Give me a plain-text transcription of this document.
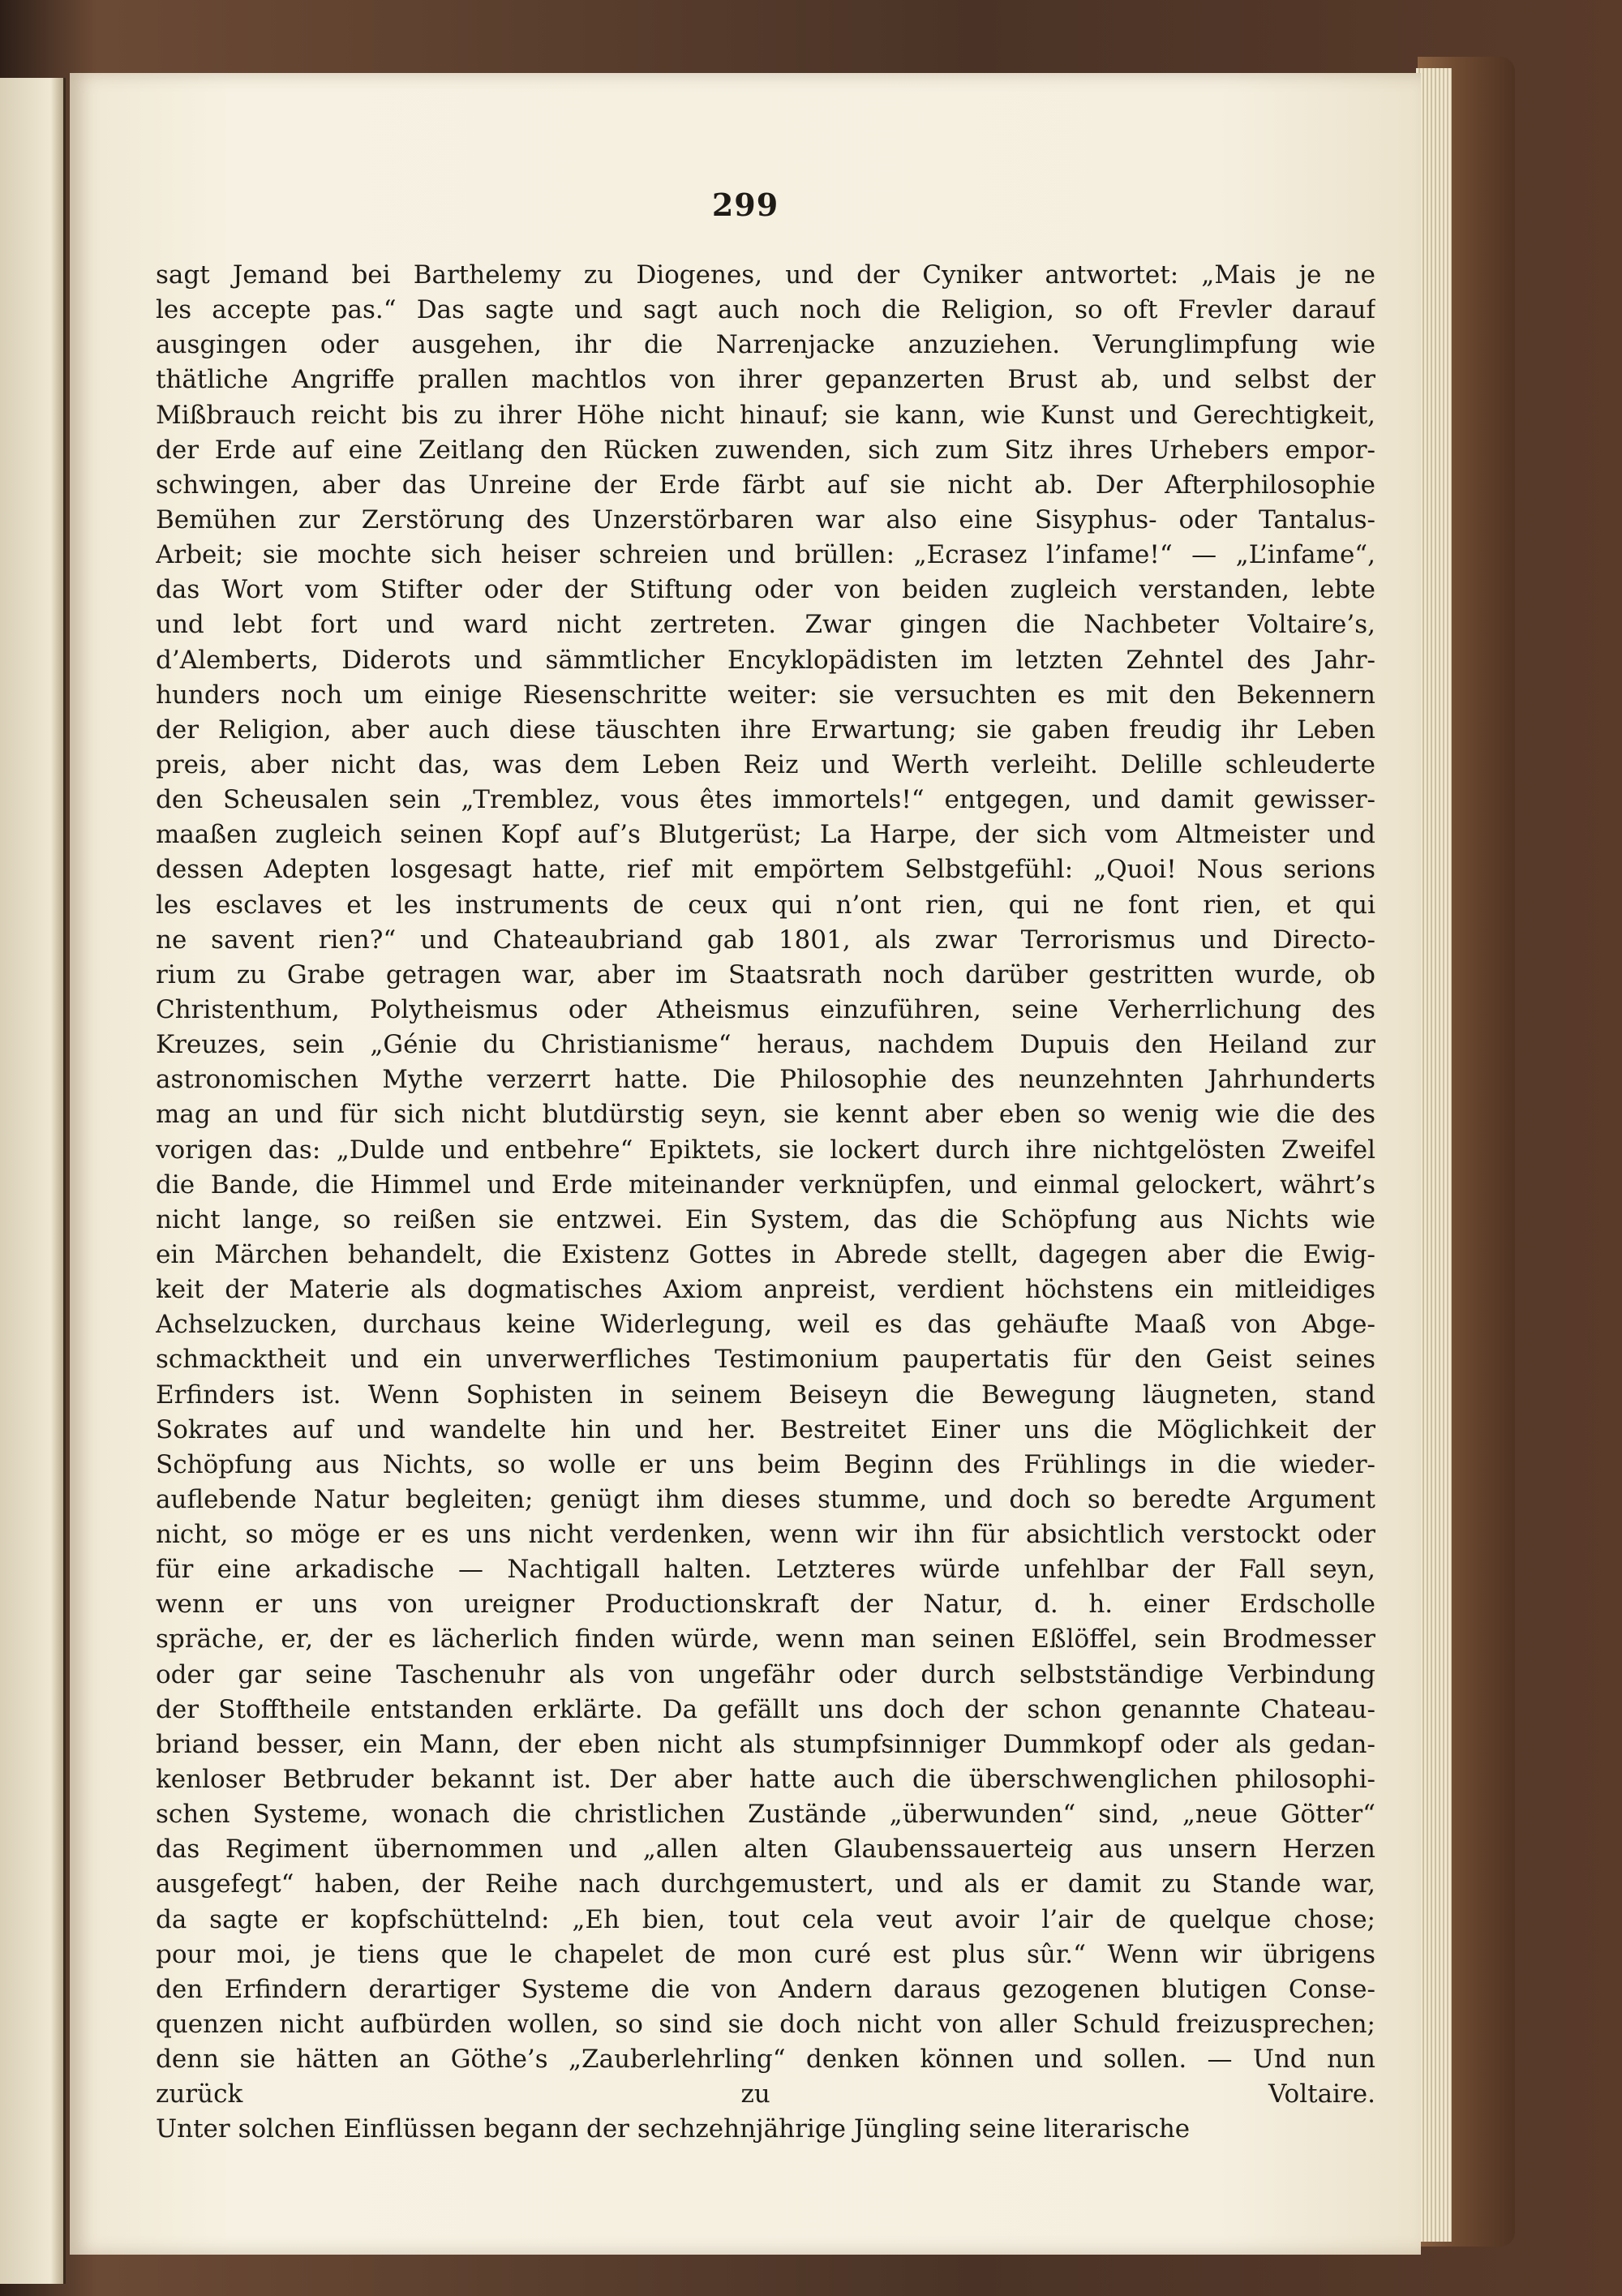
299
sagt Jemand bei Barthelemy zu Diogenes, und der Cyniker antwortet: „Mais je ne
les accepte pas.“ Das sagte und sagt auch noch die Religion, so oft Frevler darauf
ausgingen oder ausgehen, ihr die Narrenjacke anzuziehen. Verunglimpfung wie
thätliche Angriffe prallen machtlos von ihrer gepanzerten Brust ab, und selbst der
Mißbrauch reicht bis zu ihrer Höhe nicht hinauf; sie kann, wie Kunst und Gerechtigkeit,
der Erde auf eine Zeitlang den Rücken zuwenden, sich zum Sitz ihres Urhebers empor-
schwingen, aber das Unreine der Erde färbt auf sie nicht ab. Der Afterphilosophie
Bemühen zur Zerstörung des Unzerstörbaren war also eine Sisyphus- oder Tantalus-
Arbeit; sie mochte sich heiser schreien und brüllen: „Ecrasez l’infame!“ — „L’infame“,
das Wort vom Stifter oder der Stiftung oder von beiden zugleich verstanden, lebte
und lebt fort und ward nicht zertreten. Zwar gingen die Nachbeter Voltaire’s,
d’Alemberts, Diderots und sämmtlicher Encyklopädisten im letzten Zehntel des Jahr-
hunders noch um einige Riesenschritte weiter: sie versuchten es mit den Bekennern
der Religion, aber auch diese täuschten ihre Erwartung; sie gaben freudig ihr Leben
preis, aber nicht das, was dem Leben Reiz und Werth verleiht. Delille schleuderte
den Scheusalen sein „Tremblez, vous êtes immortels!“ entgegen, und damit gewisser-
maaßen zugleich seinen Kopf auf’s Blutgerüst; La Harpe, der sich vom Altmeister und
dessen Adepten losgesagt hatte, rief mit empörtem Selbstgefühl: „Quoi! Nous serions
les esclaves et les instruments de ceux qui n’ont rien, qui ne font rien, et qui
ne savent rien?“ und Chateaubriand gab 1801, als zwar Terrorismus und Directo-
rium zu Grabe getragen war, aber im Staatsrath noch darüber gestritten wurde, ob
Christenthum, Polytheismus oder Atheismus einzuführen, seine Verherrlichung des
Kreuzes, sein „Génie du Christianisme“ heraus, nachdem Dupuis den Heiland zur
astronomischen Mythe verzerrt hatte. Die Philosophie des neunzehnten Jahrhunderts
mag an und für sich nicht blutdürstig seyn, sie kennt aber eben so wenig wie die des
vorigen das: „Dulde und entbehre“ Epiktets, sie lockert durch ihre nichtgelösten Zweifel
die Bande, die Himmel und Erde miteinander verknüpfen, und einmal gelockert, währt’s
nicht lange, so reißen sie entzwei. Ein System, das die Schöpfung aus Nichts wie
ein Märchen behandelt, die Existenz Gottes in Abrede stellt, dagegen aber die Ewig-
keit der Materie als dogmatisches Axiom anpreist, verdient höchstens ein mitleidiges
Achselzucken, durchaus keine Widerlegung, weil es das gehäufte Maaß von Abge-
schmacktheit und ein unverwerfliches Testimonium paupertatis für den Geist seines
Erfinders ist. Wenn Sophisten in seinem Beiseyn die Bewegung läugneten, stand
Sokrates auf und wandelte hin und her. Bestreitet Einer uns die Möglichkeit der
Schöpfung aus Nichts, so wolle er uns beim Beginn des Frühlings in die wieder-
auflebende Natur begleiten; genügt ihm dieses stumme, und doch so beredte Argument
nicht, so möge er es uns nicht verdenken, wenn wir ihn für absichtlich verstockt oder
für eine arkadische — Nachtigall halten. Letzteres würde unfehlbar der Fall seyn,
wenn er uns von ureigner Productionskraft der Natur, d. h. einer Erdscholle
spräche, er, der es lächerlich finden würde, wenn man seinen Eßlöffel, sein Brodmesser
oder gar seine Taschenuhr als von ungefähr oder durch selbstständige Verbindung
der Stofftheile entstanden erklärte. Da gefällt uns doch der schon genannte Chateau-
briand besser, ein Mann, der eben nicht als stumpfsinniger Dummkopf oder als gedan-
kenloser Betbruder bekannt ist. Der aber hatte auch die überschwenglichen philosophi-
schen Systeme, wonach die christlichen Zustände „überwunden“ sind, „neue Götter“
das Regiment übernommen und „allen alten Glaubenssauerteig aus unsern Herzen
ausgefegt“ haben, der Reihe nach durchgemustert, und als er damit zu Stande war,
da sagte er kopfschüttelnd: „Eh bien, tout cela veut avoir l’air de quelque chose;
pour moi, je tiens que le chapelet de mon curé est plus sûr.“ Wenn wir übrigens
den Erfindern derartiger Systeme die von Andern daraus gezogenen blutigen Conse-
quenzen nicht aufbürden wollen, so sind sie doch nicht von aller Schuld freizusprechen;
denn sie hätten an Göthe’s „Zauberlehrling“ denken können und sollen. — Und nun
zurück zu Voltaire.
Unter solchen Einflüssen begann der sechzehnjährige Jüngling seine literarische
